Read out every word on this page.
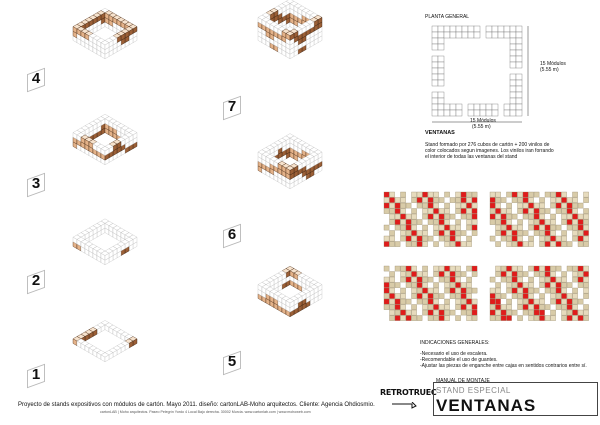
4
3
2
1
7
6
5
PLANTA GENERAL
15 Módulos
(5.55 m)
15 Módulos
(5.55 m)
VENTANAS
Stand formado por 276 cubos de cartón + 200 vinilos de
color colocados segun imagenes. Los vinilos iran forrando
el interior de todas las ventanas del stand
INDICACIONES GENERALES:
-Necesario el uso de escalera.
-Recomendable el uso de guantes.
-Ajustar las piezas de enganche entre cajas en sentidos contrarios entre sí.
Proyecto de stands expositivos con módulos de cartón. Mayo 2011. diseño: cartonLAB-Moho arquitectos. Cliente: Agencia Ohdiosmio.
cartonLAB | Moho arquitectos. Paseo Pelegrín Yordo 4 Local Bajo derecha. 30002 Murcia. www.cartonlab.com | www.mohoweb.com
RETROTRUEC
MANUAL DE MONTAJE
STAND ESPECIAL
VENTANAS
